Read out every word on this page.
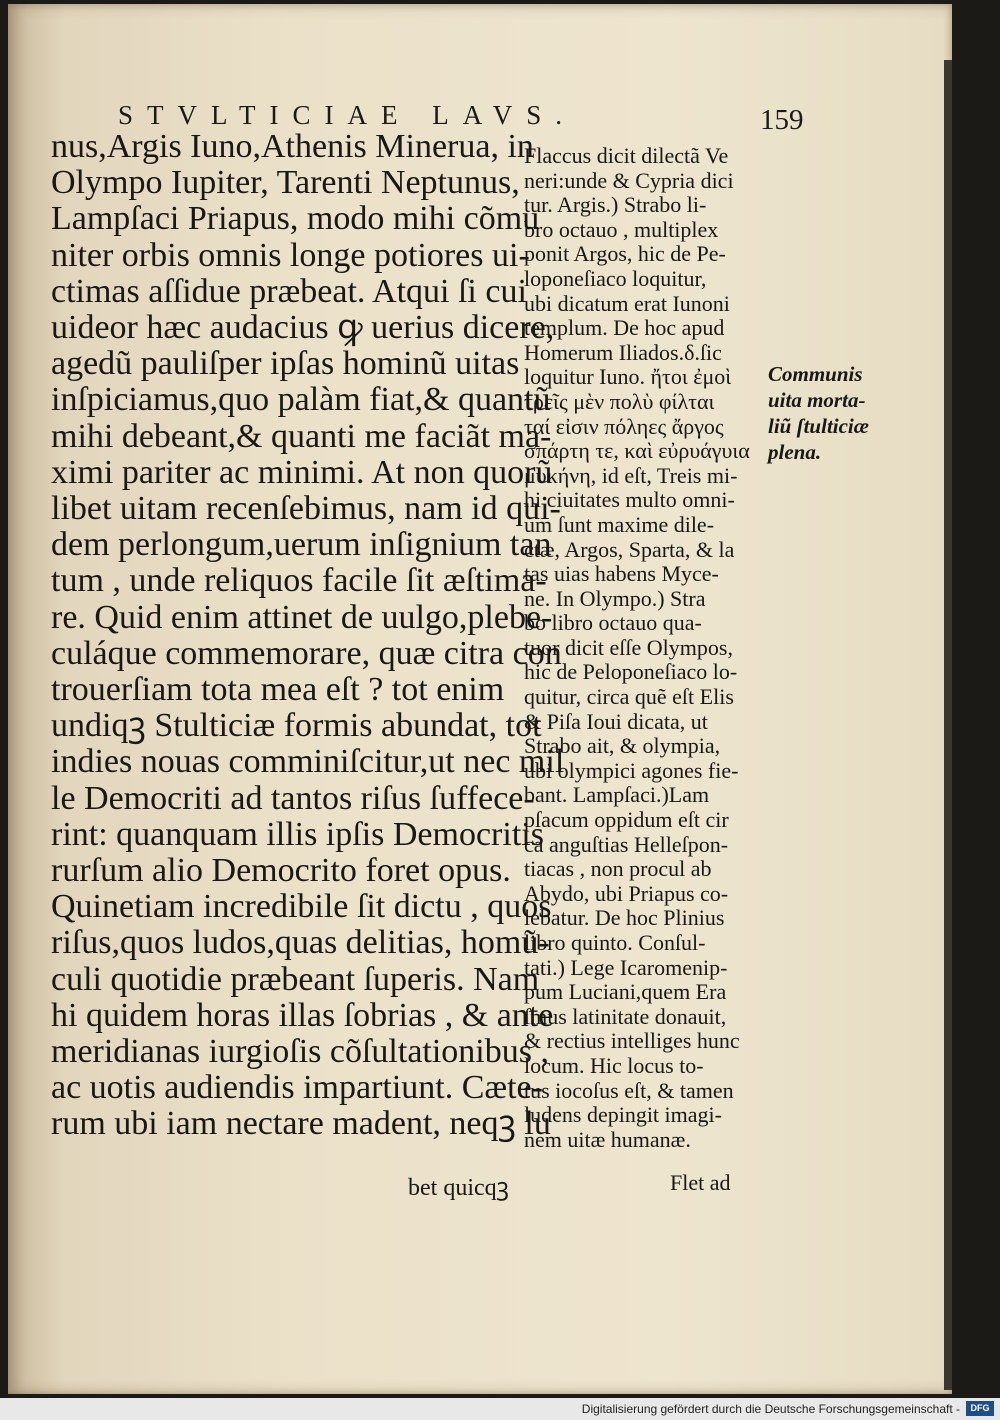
STVLTICIAE LAVS.	159
nus,Argis Iuno,Athenis Minerua, in
Olympo Iupiter, Tarenti Neptunus,
Lampſaci Priapus, modo mihi cõmu
niter orbis omnis longe potiores ui-
ctimas aſſidue præbeat. Atqui ſi cui
uideor hæc audacius ꝙ uerius dicere,
agedũ pauliſper ipſas hominũ uitas
inſpiciamus,quo palàm fiat,& quantũ
mihi debeant,& quanti me faciãt ma-
ximi pariter ac minimi. At non quorũ
libet uitam recenſebimus, nam id qui-
dem perlongum,uerum inſignium tan
tum , unde reliquos facile ſit æſtima-
re. Quid enim attinet de uulgo,plebe-
culáque commemorare, quæ citra con
trouerſiam tota mea eſt ? tot enim
undiqꝫ Stulticiæ formis abundat, tot
indies nouas comminiſcitur,ut nec mil
le Democriti ad tantos riſus ſuffece-
rint: quanquam illis ipſis Democritis
rurſum alio Democrito foret opus.
Quinetiam incredibile ſit dictu , quos
riſus,quos ludos,quas delitias, homũ-
culi quotidie præbeant ſuperis. Nam
hi quidem horas illas ſobrias , & ante
meridianas iurgioſis cõſultationibus ,
ac uotis audiendis impartiunt. Cæte-
rum ubi iam nectare madent, neqꝫ lu
bet quicqꝫ
Flaccus dicit dilectã Ve
neri:unde & Cypria dici
tur. Argis.) Strabo li-
bro octauo , multiplex
ponit Argos, hic de Pe-
loponeſiaco loquitur,
ubi dicatum erat Iunoni
templum. De hoc apud
Homerum Iliados.δ.ſic
loquitur Iuno. ἤτοι ἐμοὶ
τρεῖς μὲν πολὺ φίλται
ταί εἰσιν πόληες ἄργος
σπάρτη τε, καὶ εὐρυάγυια
μυκήνη, id eſt, Treis mi-
hi ciuitates multo omni-
um ſunt maxime dile-
ctæ, Argos, Sparta, & la
tas uias habens Myce-
ne. In Olympo.) Stra
bo libro octauo qua-
tuor dicit eſſe Olympos,
hic de Peloponeſiaco lo-
quitur, circa quẽ eſt Elis
& Piſa Ioui dicata, ut
Strabo ait, & olympia,
ubi olympici agones fie-
bant. Lampſaci.)Lam
pſacum oppidum eſt cir
ca anguſtias Helleſpon-
tiacas , non procul ab
Abydo, ubi Priapus co-
lebatur. De hoc Plinius
libro quinto. Conſul-
tati.) Lege Icaromenip-
pum Luciani,quem Era
ſmus latinitate donauit,
& rectius intelliges hunc
locum. Hic locus to-
tus iocoſus eſt, & tamen
ludens depingit imagi-
nem uitæ humanæ.
Flet ad
Communis
uita morta-
liũ ſtulticiæ
plena.
Digitalisierung gefördert durch die Deutsche Forschungsgemeinschaft -	DFG
